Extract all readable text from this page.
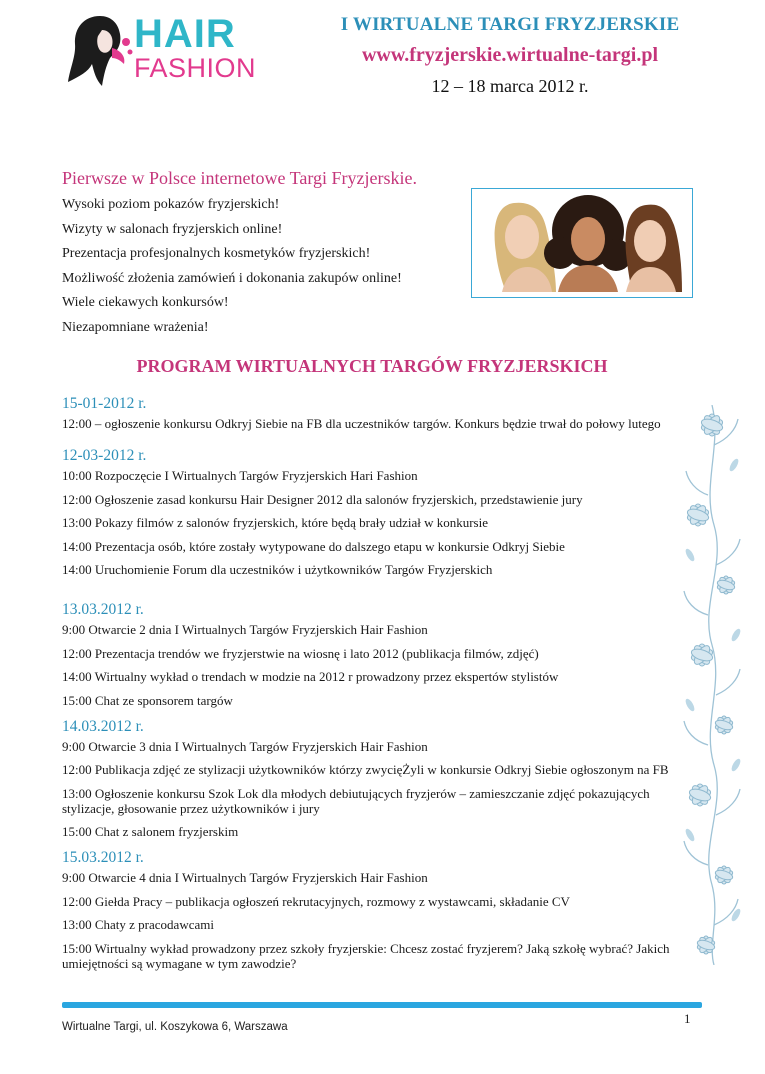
HAIR
FASHION
I WIRTUALNE TARGI FRYZJERSKIE
www.fryzjerskie.wirtualne-targi.pl
12 – 18 marca 2012 r.
Pierwsze w Polsce internetowe Targi Fryzjerskie.
Wysoki poziom pokazów fryzjerskich!
Wizyty w salonach fryzjerskich online!
Prezentacja profesjonalnych kosmetyków fryzjerskich!
Możliwość złożenia zamówień i dokonania zakupów online!
Wiele ciekawych konkursów!
Niezapomniane wrażenia!
PROGRAM WIRTUALNYCH TARGÓW FRYZJERSKICH
15-01-2012 r.
12:00 – ogłoszenie konkursu Odkryj Siebie na FB dla uczestników targów. Konkurs będzie trwał do połowy lutego
12-03-2012 r.
10:00 Rozpoczęcie I Wirtualnych Targów Fryzjerskich Hari Fashion
12:00 Ogłoszenie zasad konkursu Hair Designer 2012 dla salonów fryzjerskich, przedstawienie jury
13:00 Pokazy filmów z salonów fryzjerskich, które będą brały udział w konkursie
14:00 Prezentacja osób, które zostały wytypowane do dalszego etapu w konkursie Odkryj Siebie
14:00 Uruchomienie Forum dla uczestników i użytkowników Targów Fryzjerskich
13.03.2012 r.
9:00 Otwarcie 2 dnia I Wirtualnych Targów Fryzjerskich Hair Fashion
12:00 Prezentacja trendów we fryzjerstwie na wiosnę i lato 2012 (publikacja filmów, zdjęć)
14:00 Wirtualny wykład o trendach w modzie na 2012 r prowadzony przez ekspertów stylistów
15:00 Chat ze sponsorem targów
14.03.2012 r.
9:00 Otwarcie 3 dnia I Wirtualnych Targów Fryzjerskich Hair Fashion
12:00 Publikacja zdjęć ze stylizacji użytkowników którzy zwycięŻyli w konkursie Odkryj Siebie ogłoszonym na FB
13:00 Ogłoszenie konkursu Szok Lok dla młodych debiutujących fryzjerów – zamieszczanie zdjęć pokazujących stylizacje, głosowanie przez użytkowników i jury
15:00 Chat z salonem fryzjerskim
15.03.2012 r.
9:00 Otwarcie 4 dnia I Wirtualnych Targów Fryzjerskich Hair Fashion
12:00 Giełda Pracy – publikacja ogłoszeń rekrutacyjnych, rozmowy z wystawcami, składanie CV
13:00 Chaty z pracodawcami
15:00 Wirtualny wykład prowadzony przez szkoły fryzjerskie: Chcesz zostać fryzjerem? Jaką szkołę wybrać? Jakich umiejętności są wymagane w tym zawodzie?
1
Wirtualne Targi, ul. Koszykowa 6, Warszawa
